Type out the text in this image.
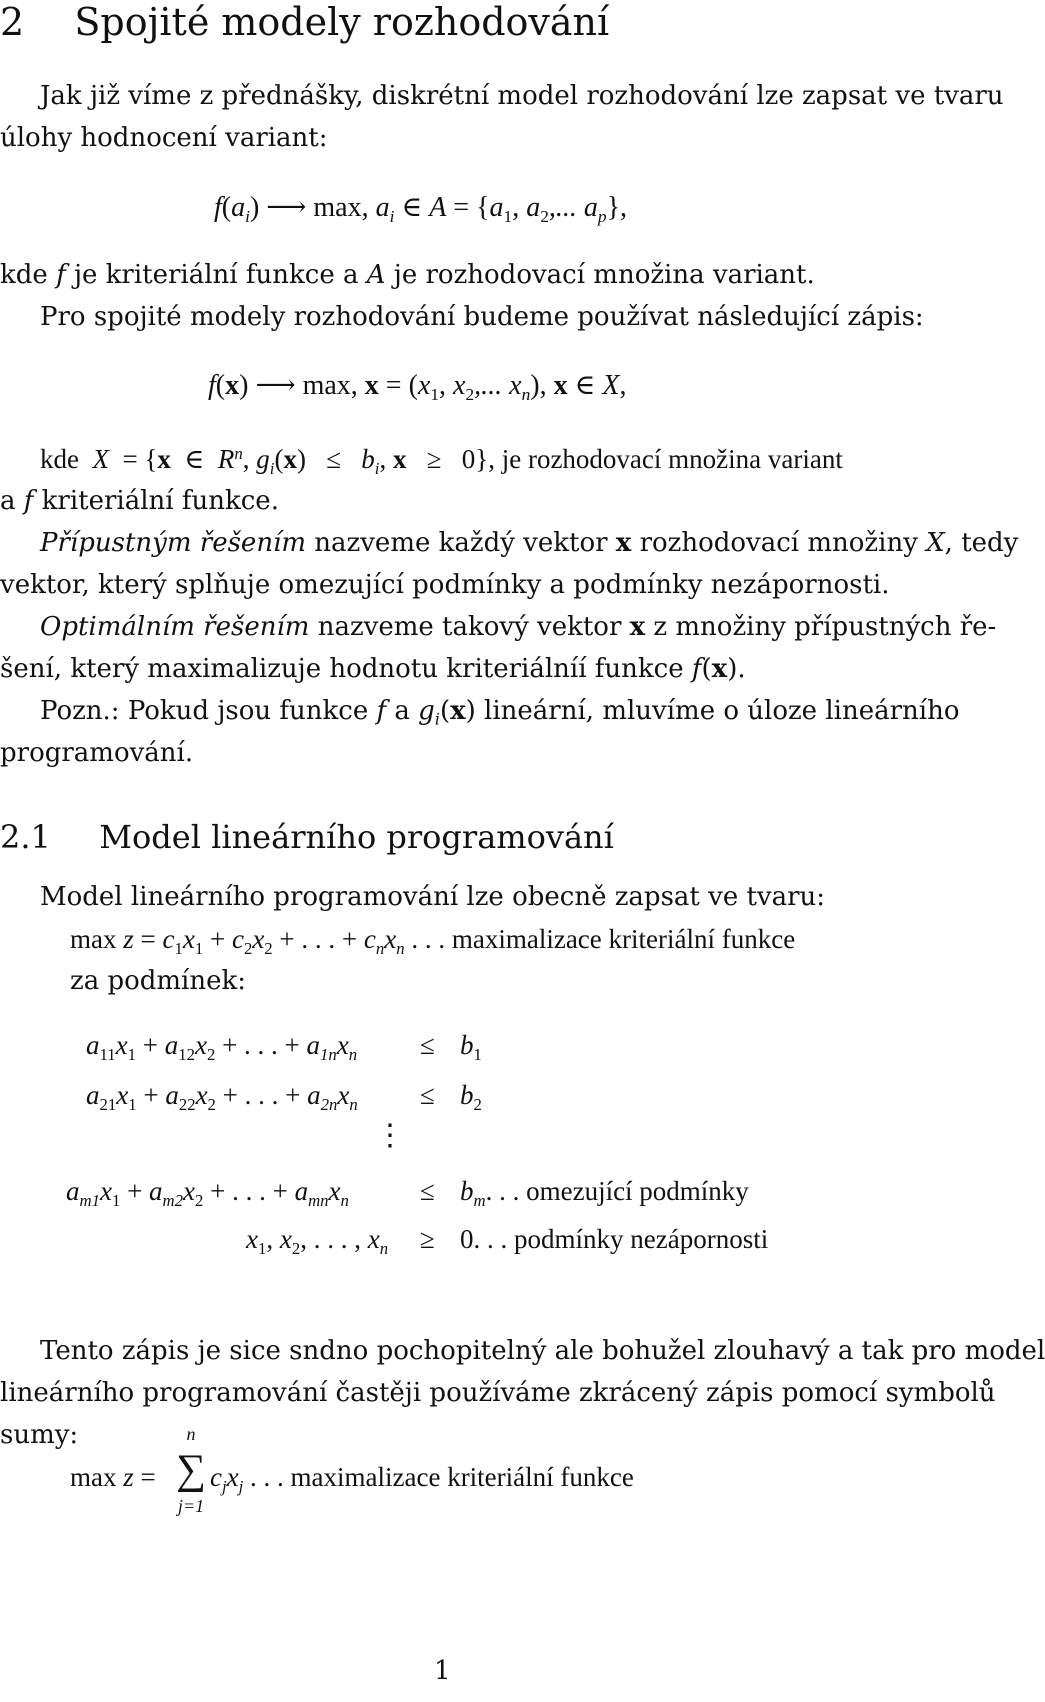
2 Spojité modely rozhodování
Jak již víme z přednášky, diskrétní model rozhodování lze zapsat ve tvaru
úlohy hodnocení variant:
$f(a_i)$ ⟶ max, $a_i$ ∈ $A = \{a_1$, $a_2$,... $a_p$},
kde f je kriteriální funkce a A je rozhodovací množina variant.
Pro spojité modely rozhodování budeme používat následující zápis:
f(x) ⟶ max, $x = (x_1$, $x_2$,... $x_n$), x ∈ X,
kde X = {x ∈ $R^n$, $g_i(x) \le b_i$, x ≥ 0}, je rozhodovací množina variant
a f kriteriální funkce.
Přípustným řešením nazveme každý vektor x rozhodovací množiny X, tedy
vektor, který splňuje omezující podmínky a podmínky nezápornosti.
Optimálním řešením nazveme takový vektor x z množiny přípustných ře-
šení, který maximalizuje hodnotu kriteriálníí funkce f(x).
Pozn.: Pokud jsou funkce f a $g_i(x)$ lineární, mluvíme o úloze lineárního
programování.
2.1 Model lineárního programování
Model lineárního programování lze obecně zapsat ve tvaru:
$\max z = c_1x_1 + c_2x_2$ + . . . + $c_nx_n$ . . . maximalizace kriteriální funkce
za podmínek:
$a_{11}x_1 + a_{12}x_2$ + . . . + $a_{1n}x_n \le b_1$
$a_{21}x_1 + a_{22}x_2$ + . . . + $a_{2n}x_n \le b_2$
⋮
$a_{m1}x_1 + a_{m2}x_2$ + . . . + $a_{mn}x_n$	≤ $b_m$. . . omezující podmínky
$x_1$, $x_2$, . . . , $x_n \ge 0$. . . podmínky nezápornosti
Tento zápis je sice sndno pochopitelný ale bohužel zlouhavý a tak pro model
lineárního programování častěji používáme zkrácený zápis pomocí symbolů
sumy:
max z =
n
∑
j=1
$c_jx_j$ . . . maximalizace kriteriální funkce
1
